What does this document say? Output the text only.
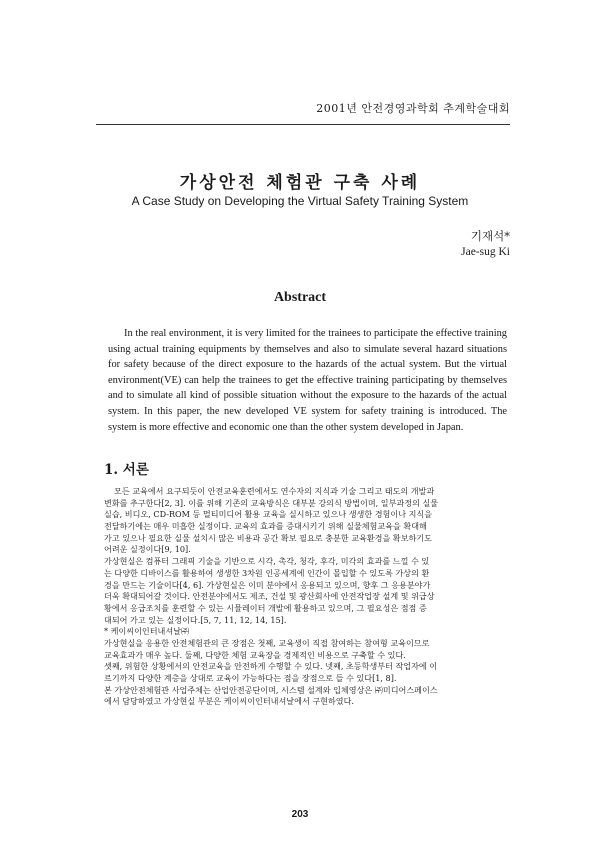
2001년 안전경영과학회 추계학술대회
가상안전 체험관 구축 사례
A Case Study on Developing the Virtual Safety Training System
기재석*
Jae-sug Ki
Abstract

In the real environment, it is very limited for the trainees to participate the effective training using actual training equipments by themselves and also to simulate several hazard situations for safety because of the direct exposure to the hazards of the actual system. But the virtual environment(VE) can help the trainees to get the effective training participating by themselves and to simulate all kind of possible situation without the exposure to the hazards of the actual system. In this paper, the new developed VE system for safety training is introduced. The system is more effective and economic one than the other system developed in Japan.

1. 서론
모든 교육에서 요구되듯이 안전교육훈련에서도 연수자의 지식과 기술 그리고 태도의 개발과
변화를 추구한다[2, 3]. 이를 위해 기존의 교육방식은 대부분 강의식 방법이며, 일부과정의 실물
실습, 비디오, CD-ROM 등 멀티미디어 활용 교육을 실시하고 있으나 생생한 경험이나 지식을
전달하기에는 매우 미흡한 실정이다. 교육의 효과를 증대시키기 위해 실물체험교육을 확대해
가고 있으나 필요한 실물 설치시 많은 비용과 공간 확보 필요로 충분한 교육환경을 확보하기도
어려운 실정이다[9, 10].
가상현실은 컴퓨터 그래픽 기술을 기반으로 시각, 촉각, 청각, 후각, 미각의 효과를 느낄 수 있
는 다양한 디바이스를 활용하여 생생한 3차원 인공세계에 인간이 몰입할 수 있도록 가상의 환
경을 만드는 기술이다[4, 6]. 가상현실은 이미 분야에서 응용되고 있으며, 향후 그 응용분야가
더욱 확대되어갈 것이다. 안전분야에서도 제조, 건설 및 광산회사에 안전작업장 설계 및 위급상
황에서 응급조치를 훈련할 수 있는 시뮬레이터 개발에 활용하고 있으며, 그 필요성은 점점 증
대되어 가고 있는 실정이다.[5, 7, 11, 12, 14, 15].
* 케이씨이인터내셔날㈜
가상현실을 응용한 안전체험관의 큰 장점은 첫째, 교육생이 직접 참여하는 참여형 교육이므로
교육효과가 매우 높다. 둘째, 다양한 체험 교육장을 경제적인 비용으로 구축할 수 있다.
셋째, 위험한 상황에서의 안전교육을 안전하게 수행할 수 있다. 넷째, 초등학생부터 작업자에 이
르기까지 다양한 계층을 상대로 교육이 가능하다는 점을 장점으로 들 수 있다[1, 8].
본 가상안전체험관 사업주체는 산업안전공단이며, 시스템 설계와 입체영상은 ㈜미디어스페이스
에서 담당하였고 가상현실 부분은 케이씨이인터내셔날에서 구현하였다.
203
